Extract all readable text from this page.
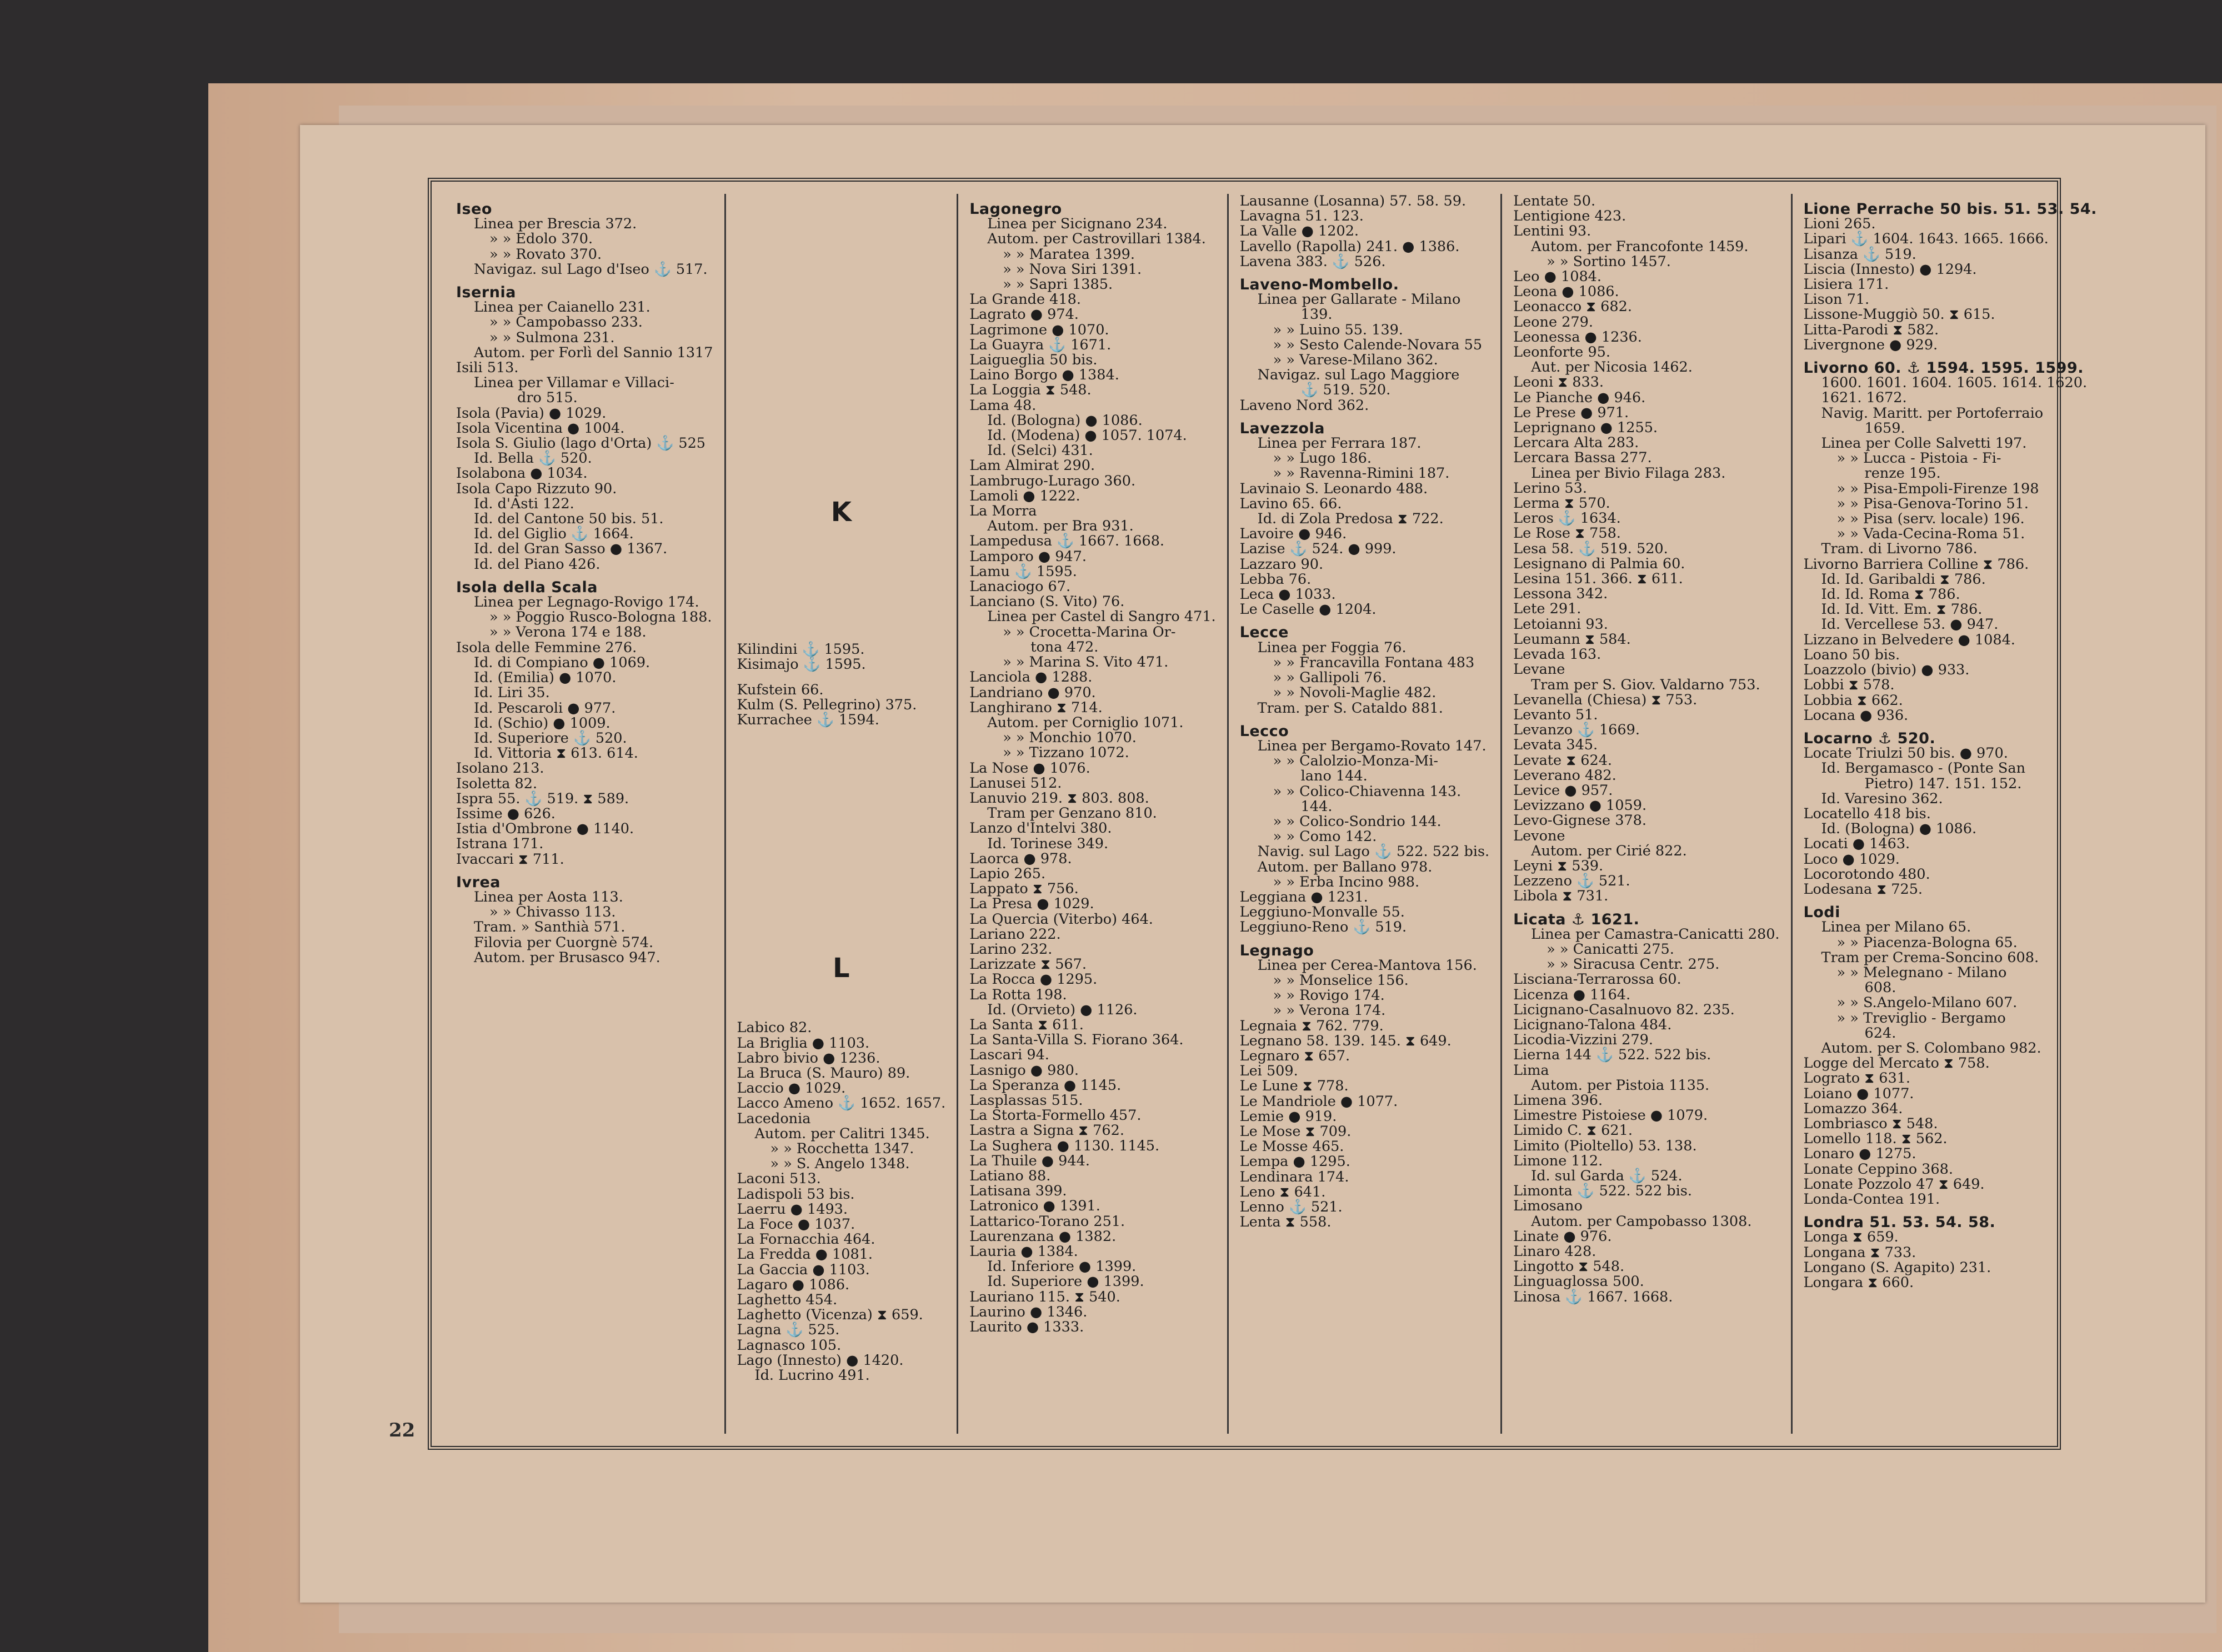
Iseo
Linea per Brescia 372.
» » Edolo 370.
» » Rovato 370.
Navigaz. sul Lago d'Iseo ⚓ 517.
Isernia
Linea per Caianello 231.
» » Campobasso 233.
» » Sulmona 231.
Autom. per Forlì del Sannio 1317
Isili 513.
Linea per Villamar e Villaci-
dro 515.
Isola (Pavia) ● 1029.
Isola Vicentina ● 1004.
Isola S. Giulio (lago d'Orta) ⚓ 525
Id. Bella ⚓ 520.
Isolabona ● 1034.
Isola Capo Rizzuto 90.
Id. d'Asti 122.
Id. del Cantone 50 bis. 51.
Id. del Giglio ⚓ 1664.
Id. del Gran Sasso ● 1367.
Id. del Piano 426.
Isola della Scala
Linea per Legnago-Rovigo 174.
» » Poggio Rusco-Bologna 188.
» » Verona 174 e 188.
Isola delle Femmine 276.
Id. di Compiano ● 1069.
Id. (Emilia) ● 1070.
Id. Liri 35.
Id. Pescaroli ● 977.
Id. (Schio) ● 1009.
Id. Superiore ⚓ 520.
Id. Vittoria ⧗ 613. 614.
Isolano 213.
Isoletta 82.
Ispra 55. ⚓ 519. ⧗ 589.
Issime ● 626.
Istia d'Ombrone ● 1140.
Istrana 171.
Ivaccari ⧗ 711.
Ivrea
Linea per Aosta 113.
» » Chivasso 113.
Tram. » Santhià 571.
Filovia per Cuorgnè 574.
Autom. per Brusasco 947.
K
Kilindini ⚓ 1595.
Kisimajo ⚓ 1595.
Kufstein 66.
Kulm (S. Pellegrino) 375.
Kurrachee ⚓ 1594.
L
Labico 82.
La Briglia ● 1103.
Labro bivio ● 1236.
La Bruca (S. Mauro) 89.
Laccio ● 1029.
Lacco Ameno ⚓ 1652. 1657.
Lacedonia
Autom. per Calitri 1345.
» » Rocchetta 1347.
» » S. Angelo 1348.
Laconi 513.
Ladispoli 53 bis.
Laerru ● 1493.
La Foce ● 1037.
La Fornacchia 464.
La Fredda ● 1081.
La Gaccia ● 1103.
Lagaro ● 1086.
Laghetto 454.
Laghetto (Vicenza) ⧗ 659.
Lagna ⚓ 525.
Lagnasco 105.
Lago (Innesto) ● 1420.
Id. Lucrino 491.
Lagonegro
Linea per Sicignano 234.
Autom. per Castrovillari 1384.
» » Maratea 1399.
» » Nova Siri 1391.
» » Sapri 1385.
La Grande 418.
Lagrato ● 974.
Lagrimone ● 1070.
La Guayra ⚓ 1671.
Laigueglia 50 bis.
Laino Borgo ● 1384.
La Loggia ⧗ 548.
Lama 48.
Id. (Bologna) ● 1086.
Id. (Modena) ● 1057. 1074.
Id. (Selci) 431.
Lam Almirat 290.
Lambrugo-Lurago 360.
Lamoli ● 1222.
La Morra
Autom. per Bra 931.
Lampedusa ⚓ 1667. 1668.
Lamporo ● 947.
Lamu ⚓ 1595.
Lanaciogo 67.
Lanciano (S. Vito) 76.
Linea per Castel di Sangro 471.
» » Crocetta-Marina Or-
tona 472.
» » Marina S. Vito 471.
Lanciola ● 1288.
Landriano ● 970.
Langhirano ⧗ 714.
Autom. per Corniglio 1071.
» » Monchio 1070.
» » Tizzano 1072.
La Nose ● 1076.
Lanusei 512.
Lanuvio 219. ⧗ 803. 808.
Tram per Genzano 810.
Lanzo d'Intelvi 380.
Id. Torinese 349.
Laorca ● 978.
Lapio 265.
Lappato ⧗ 756.
La Presa ● 1029.
La Quercia (Viterbo) 464.
Lariano 222.
Larino 232.
Larizzate ⧗ 567.
La Rocca ● 1295.
La Rotta 198.
Id. (Orvieto) ● 1126.
La Santa ⧗ 611.
La Santa-Villa S. Fiorano 364.
Lascari 94.
Lasnigo ● 980.
La Speranza ● 1145.
Lasplassas 515.
La Storta-Formello 457.
Lastra a Signa ⧗ 762.
La Sughera ● 1130. 1145.
La Thuile ● 944.
Latiano 88.
Latisana 399.
Latronico ● 1391.
Lattarico-Torano 251.
Laurenzana ● 1382.
Lauria ● 1384.
Id. Inferiore ● 1399.
Id. Superiore ● 1399.
Lauriano 115. ⧗ 540.
Laurino ● 1346.
Laurito ● 1333.
Lausanne (Losanna) 57. 58. 59.
Lavagna 51. 123.
La Valle ● 1202.
Lavello (Rapolla) 241. ● 1386.
Lavena 383. ⚓ 526.
Laveno-Mombello.
Linea per Gallarate - Milano
139.
» » Luino 55. 139.
» » Sesto Calende-Novara 55
» » Varese-Milano 362.
Navigaz. sul Lago Maggiore
⚓ 519. 520.
Laveno Nord 362.
Lavezzola
Linea per Ferrara 187.
» » Lugo 186.
» » Ravenna-Rimini 187.
Lavinaio S. Leonardo 488.
Lavino 65. 66.
Id. di Zola Predosa ⧗ 722.
Lavoire ● 946.
Lazise ⚓ 524. ● 999.
Lazzaro 90.
Lebba 76.
Leca ● 1033.
Le Caselle ● 1204.
Lecce
Linea per Foggia 76.
» » Francavilla Fontana 483
» » Gallipoli 76.
» » Novoli-Maglie 482.
Tram. per S. Cataldo 881.
Lecco
Linea per Bergamo-Rovato 147.
» » Calolzio-Monza-Mi-
lano 144.
» » Colico-Chiavenna 143.
144.
» » Colico-Sondrio 144.
» » Como 142.
Navig. sul Lago ⚓ 522. 522 bis.
Autom. per Ballano 978.
» » Erba Incino 988.
Leggiana ● 1231.
Leggiuno-Monvalle 55.
Leggiuno-Reno ⚓ 519.
Legnago
Linea per Cerea-Mantova 156.
» » Monselice 156.
» » Rovigo 174.
» » Verona 174.
Legnaia ⧗ 762. 779.
Legnano 58. 139. 145. ⧗ 649.
Legnaro ⧗ 657.
Lei 509.
Le Lune ⧗ 778.
Le Mandriole ● 1077.
Lemie ● 919.
Le Mose ⧗ 709.
Le Mosse 465.
Lempa ● 1295.
Lendinara 174.
Leno ⧗ 641.
Lenno ⚓ 521.
Lenta ⧗ 558.
Lentate 50.
Lentigione 423.
Lentini 93.
Autom. per Francofonte 1459.
» » Sortino 1457.
Leo ● 1084.
Leona ● 1086.
Leonacco ⧗ 682.
Leone 279.
Leonessa ● 1236.
Leonforte 95.
Aut. per Nicosia 1462.
Leoni ⧗ 833.
Le Pianche ● 946.
Le Prese ● 971.
Leprignano ● 1255.
Lercara Alta 283.
Lercara Bassa 277.
Linea per Bivio Filaga 283.
Lerino 53.
Lerma ⧗ 570.
Leros ⚓ 1634.
Le Rose ⧗ 758.
Lesa 58. ⚓ 519. 520.
Lesignano di Palmia 60.
Lesina 151. 366. ⧗ 611.
Lessona 342.
Lete 291.
Letoianni 93.
Leumann ⧗ 584.
Levada 163.
Levane
Tram per S. Giov. Valdarno 753.
Levanella (Chiesa) ⧗ 753.
Levanto 51.
Levanzo ⚓ 1669.
Levata 345.
Levate ⧗ 624.
Leverano 482.
Levice ● 957.
Levizzano ● 1059.
Levo-Gignese 378.
Levone
Autom. per Cirié 822.
Leyni ⧗ 539.
Lezzeno ⚓ 521.
Libola ⧗ 731.
Licata ⚓ 1621.
Linea per Camastra-Canicatti 280.
» » Canicatti 275.
» » Siracusa Centr. 275.
Lisciana-Terrarossa 60.
Licenza ● 1164.
Licignano-Casalnuovo 82. 235.
Licignano-Talona 484.
Licodia-Vizzini 279.
Lierna 144 ⚓ 522. 522 bis.
Lima
Autom. per Pistoia 1135.
Limena 396.
Limestre Pistoiese ● 1079.
Limido C. ⧗ 621.
Limito (Pioltello) 53. 138.
Limone 112.
Id. sul Garda ⚓ 524.
Limonta ⚓ 522. 522 bis.
Limosano
Autom. per Campobasso 1308.
Linate ● 976.
Linaro 428.
Lingotto ⧗ 548.
Linguaglossa 500.
Linosa ⚓ 1667. 1668.
Lione Perrache 50 bis. 51. 53. 54.
Lioni 265.
Lipari ⚓ 1604. 1643. 1665. 1666.
Lisanza ⚓ 519.
Liscia (Innesto) ● 1294.
Lisiera 171.
Lison 71.
Lissone-Muggiò 50. ⧗ 615.
Litta-Parodi ⧗ 582.
Livergnone ● 929.
Livorno 60. ⚓ 1594. 1595. 1599.
1600. 1601. 1604. 1605. 1614. 1620.
1621. 1672.
Navig. Maritt. per Portoferraio
1659.
Linea per Colle Salvetti 197.
» » Lucca - Pistoia - Fi-
renze 195.
» » Pisa-Empoli-Firenze 198
» » Pisa-Genova-Torino 51.
» » Pisa (serv. locale) 196.
» » Vada-Cecina-Roma 51.
Tram. di Livorno 786.
Livorno Barriera Colline ⧗ 786.
Id. Id. Garibaldi ⧗ 786.
Id. Id. Roma ⧗ 786.
Id. Id. Vitt. Em. ⧗ 786.
Id. Vercellese 53. ● 947.
Lizzano in Belvedere ● 1084.
Loano 50 bis.
Loazzolo (bivio) ● 933.
Lobbi ⧗ 578.
Lobbia ⧗ 662.
Locana ● 936.
Locarno ⚓ 520.
Locate Triulzi 50 bis. ● 970.
Id. Bergamasco - (Ponte San
Pietro) 147. 151. 152.
Id. Varesino 362.
Locatello 418 bis.
Id. (Bologna) ● 1086.
Locati ● 1463.
Loco ● 1029.
Locorotondo 480.
Lodesana ⧗ 725.
Lodi
Linea per Milano 65.
» » Piacenza-Bologna 65.
Tram per Crema-Soncino 608.
» » Melegnano - Milano
608.
» » S.Angelo-Milano 607.
» » Treviglio - Bergamo
624.
Autom. per S. Colombano 982.
Logge del Mercato ⧗ 758.
Lograto ⧗ 631.
Loiano ● 1077.
Lomazzo 364.
Lombriasco ⧗ 548.
Lomello 118. ⧗ 562.
Lonaro ● 1275.
Lonate Ceppino 368.
Lonate Pozzolo 47 ⧗ 649.
Londa-Contea 191.
Londra 51. 53. 54. 58.
Longa ⧗ 659.
Longana ⧗ 733.
Longano (S. Agapito) 231.
Longara ⧗ 660.
22
